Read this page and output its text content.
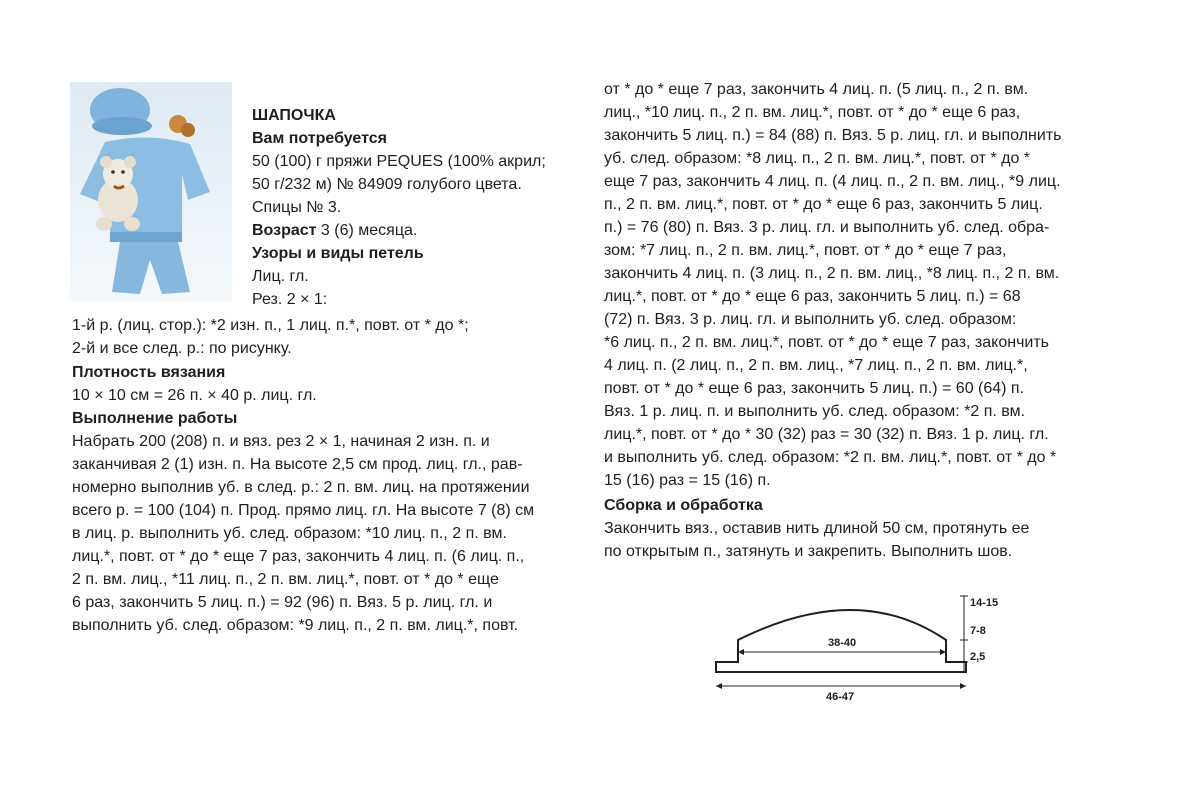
ШАПОЧКА
Вам потребуется
50 (100) г пряжи PEQUES (100% акрил;
50 г/232 м) № 84909 голубого цвета.
Спицы № 3.
Возраст 3 (6) месяца.
Узоры и виды петель
Лиц. гл.
Рез. 2 × 1:
1-й р. (лиц. стор.): *2 изн. п., 1 лиц. п.*, повт. от * до *;
2-й и все след. р.: по рисунку.
Плотность вязания
10 × 10 см = 26 п. × 40 р. лиц. гл.
Выполнение работы
Набрать 200 (208) п. и вяз. рез 2 × 1, начиная 2 изн. п. и
заканчивая 2 (1) изн. п. На высоте 2,5 см прод. лиц. гл., рав-
номерно выполнив уб. в след. р.: 2 п. вм. лиц. на протяжении
всего р. = 100 (104) п. Прод. прямо лиц. гл. На высоте 7 (8) см
в лиц. р. выполнить уб. след. образом: *10 лиц. п., 2 п. вм.
лиц.*, повт. от * до * еще 7 раз, закончить 4 лиц. п. (6 лиц. п.,
2 п. вм. лиц., *11 лиц. п., 2 п. вм. лиц.*, повт. от * до * еще
6 раз, закончить 5 лиц. п.) = 92 (96) п. Вяз. 5 р. лиц. гл. и
выполнить уб. след. образом: *9 лиц. п., 2 п. вм. лиц.*, повт.
от * до * еще 7 раз, закончить 4 лиц. п. (5 лиц. п., 2 п. вм.
лиц., *10 лиц. п., 2 п. вм. лиц.*, повт. от * до * еще 6 раз,
закончить 5 лиц. п.) = 84 (88) п. Вяз. 5 р. лиц. гл. и выполнить
уб. след. образом: *8 лиц. п., 2 п. вм. лиц.*, повт. от * до *
еще 7 раз, закончить 4 лиц. п. (4 лиц. п., 2 п. вм. лиц., *9 лиц.
п., 2 п. вм. лиц.*, повт. от * до * еще 6 раз, закончить 5 лиц.
п.) = 76 (80) п. Вяз. 3 р. лиц. гл. и выполнить уб. след. обра-
зом: *7 лиц. п., 2 п. вм. лиц.*, повт. от * до * еще 7 раз,
закончить 4 лиц. п. (3 лиц. п., 2 п. вм. лиц., *8 лиц. п., 2 п. вм.
лиц.*, повт. от * до * еще 6 раз, закончить 5 лиц. п.) = 68
(72) п. Вяз. 3 р. лиц. гл. и выполнить уб. след. образом:
*6 лиц. п., 2 п. вм. лиц.*, повт. от * до * еще 7 раз, закончить
4 лиц. п. (2 лиц. п., 2 п. вм. лиц., *7 лиц. п., 2 п. вм. лиц.*,
повт. от * до * еще 6 раз, закончить 5 лиц. п.) = 60 (64) п.
Вяз. 1 р. лиц. п. и выполнить уб. след. образом: *2 п. вм.
лиц.*, повт. от * до * 30 (32) раз = 30 (32) п. Вяз. 1 р. лиц. гл.
и выполнить уб. след. образом: *2 п. вм. лиц.*, повт. от * до *
15 (16) раз = 15 (16) п.
Сборка и обработка
Закончить вяз., оставив нить длиной 50 см, протянуть ее
по открытым п., затянуть и закрепить. Выполнить шов.
38-40
46-47
14-15
7-8
2,5
